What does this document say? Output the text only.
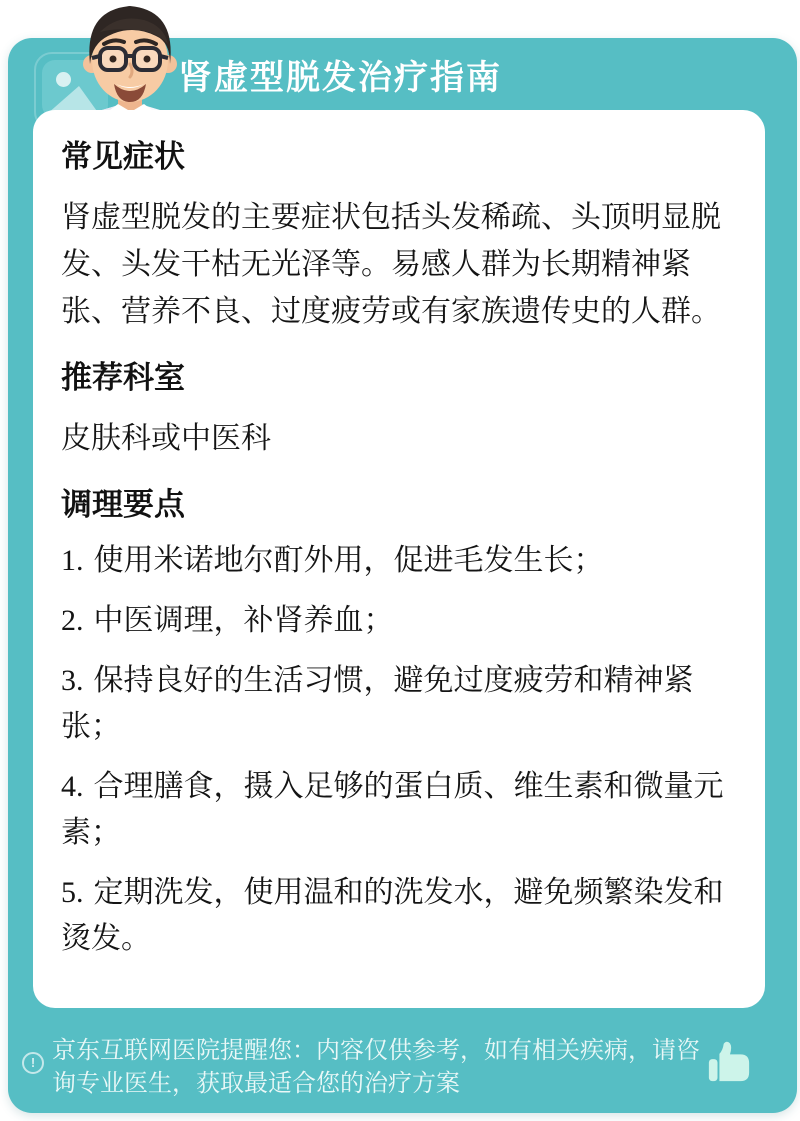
肾虚型脱发治疗指南
常见症状

肾虚型脱发的主要症状包括头发稀疏、头顶明显脱发、头发干枯无光泽等。易感人群为长期精神紧张、营养不良、过度疲劳或有家族遗传史的人群。

推荐科室

皮肤科或中医科

调理要点

1. 使用米诺地尔酊外用，促进毛发生长；

2. 中医调理，补肾养血；

3. 保持良好的生活习惯，避免过度疲劳和精神紧张；

4. 合理膳食，摄入足够的蛋白质、维生素和微量元素；

5. 定期洗发，使用温和的洗发水，避免频繁染发和烫发。

! 京东互联网医院提醒您：内容仅供参考，如有相关疾病，请咨询专业医生，获取最适合您的治疗方案
